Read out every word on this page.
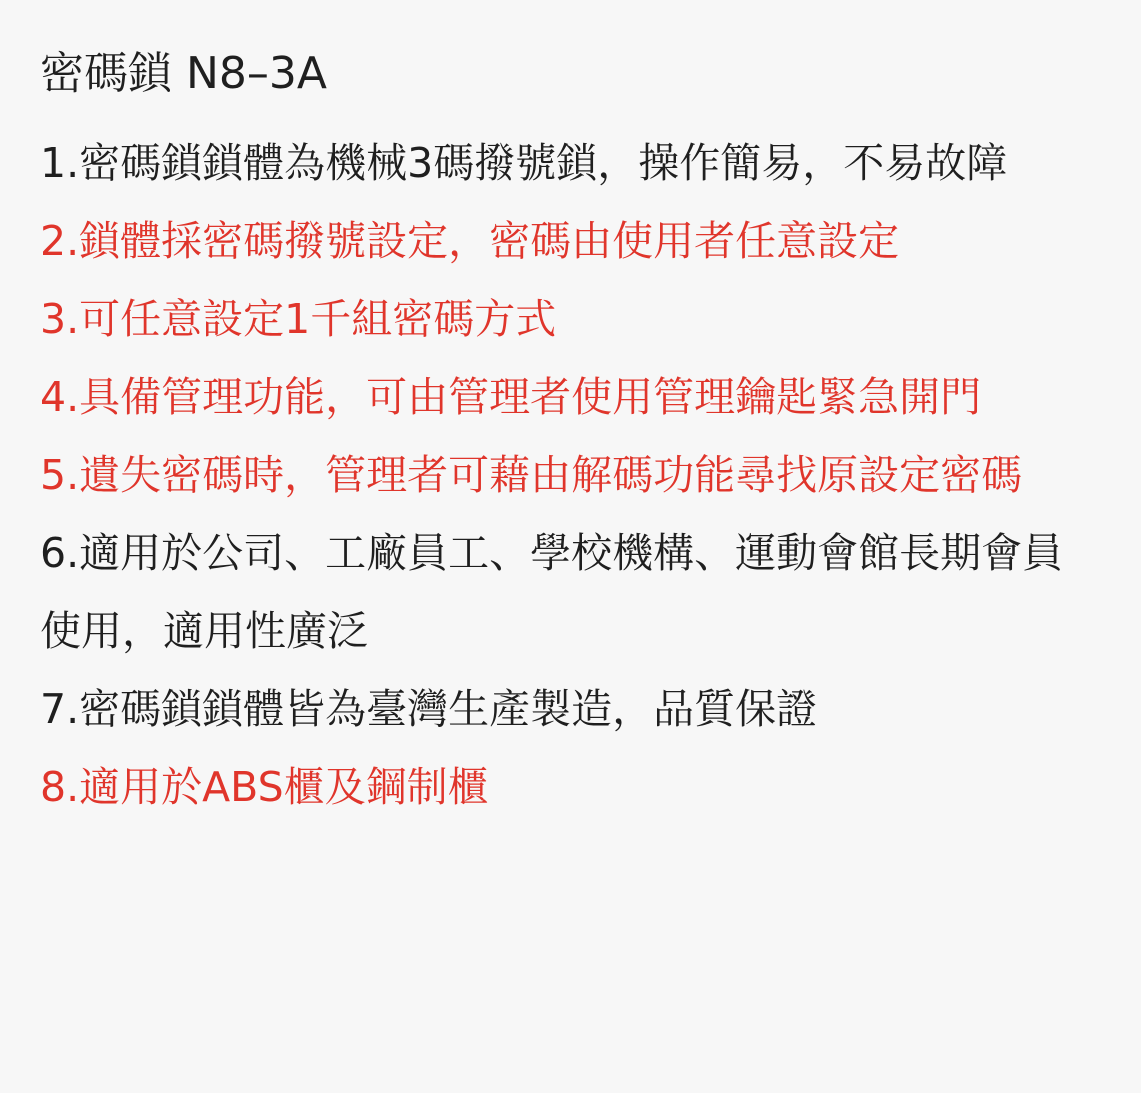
密碼鎖 N8–3A
1.密碼鎖鎖體為機械3碼撥號鎖，操作簡易，不易故障
2.鎖體採密碼撥號設定，密碼由使用者任意設定
3.可任意設定1千組密碼方式
4.具備管理功能，可由管理者使用管理鑰匙緊急開門
5.遺失密碼時，管理者可藉由解碼功能尋找原設定密碼
6.適用於公司、工廠員工、學校機構、運動會館長期會員使用，適用性廣泛
7.密碼鎖鎖體皆為臺灣生產製造，品質保證
8.適用於ABS櫃及鋼制櫃
